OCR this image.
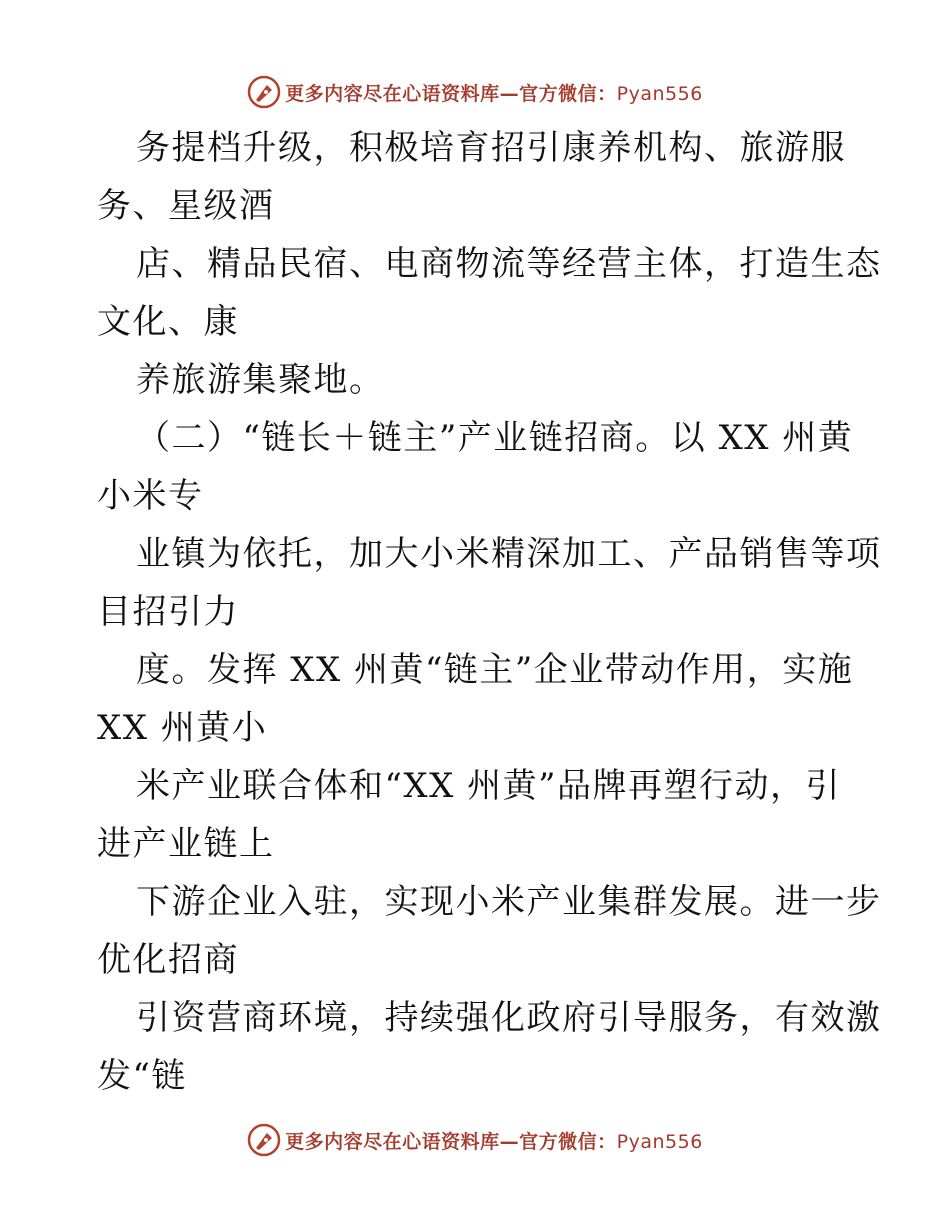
更多内容尽在心语资料库—官方微信：Pyan556
务提档升级，积极培育招引康养机构、旅游服
务、星级酒
店、精品民宿、电商物流等经营主体，打造生态
文化、康
养旅游集聚地。
（二）“链长＋链主”产业链招商。以 XX 州黄
小米专
业镇为依托，加大小米精深加工、产品销售等项
目招引力
度。发挥 XX 州黄“链主”企业带动作用，实施
XX 州黄小
米产业联合体和“XX 州黄”品牌再塑行动，引
进产业链上
下游企业入驻，实现小米产业集群发展。进一步
优化招商
引资营商环境，持续强化政府引导服务，有效激
发“链
更多内容尽在心语资料库—官方微信：Pyan556
